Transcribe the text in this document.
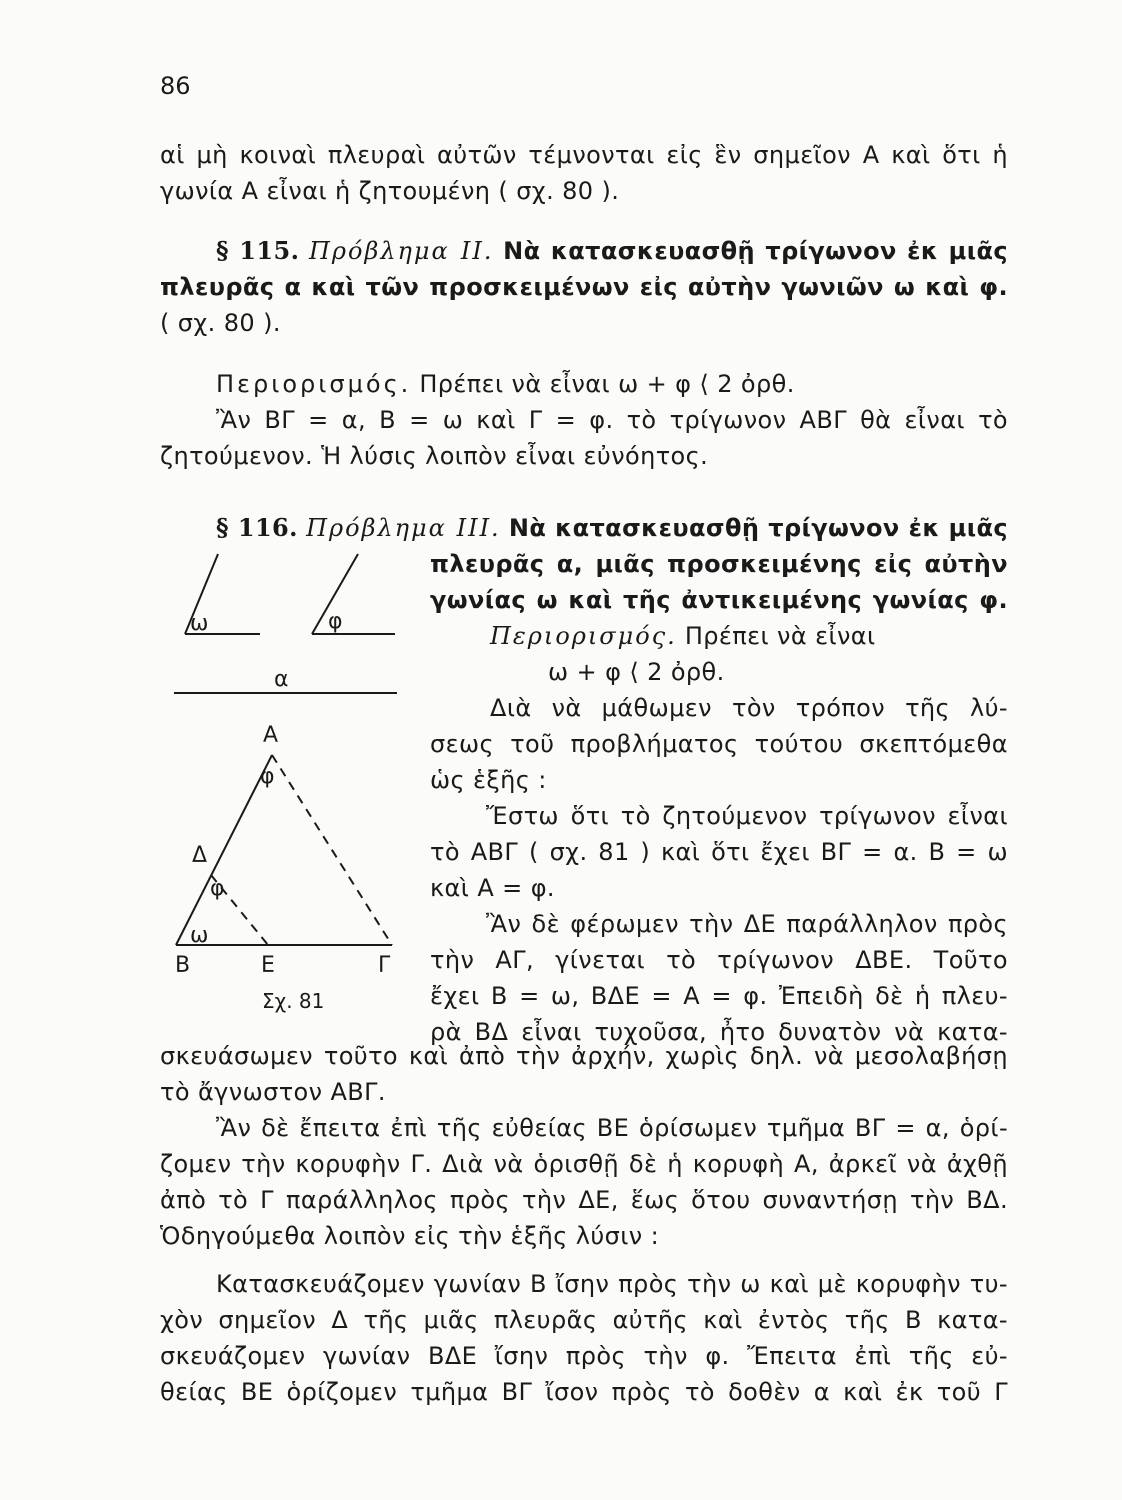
86
αἱ μὴ κοιναὶ πλευραὶ αὐτῶν τέμνονται εἰς ἓν σημεῖον Α καὶ ὅτι ἡ
γωνία Α εἶναι ἡ ζητουμένη ( σχ. 80 ).
§ 115. Πρόβλημα ΙΙ. Νὰ κατασκευασθῇ τρίγωνον ἐκ μιᾶς
πλευρᾶς α καὶ τῶν προσκειμένων εἰς αὐτὴν γωνιῶν ω καὶ φ.
( σχ. 80 ).
Περιορισμός. Πρέπει νὰ εἶναι ω + φ ⟨ 2 ὀρθ.
Ἂν ΒΓ = α, Β = ω καὶ Γ = φ. τὸ τρίγωνον ΑΒΓ θὰ εἶναι τὸ
ζητούμενον. Ἡ λύσις λοιπὸν εἶναι εὐνόητος.
§ 116. Πρόβλημα ΙΙΙ. Νὰ κατασκευασθῇ τρίγωνον ἐκ μιᾶς
πλευρᾶς α, μιᾶς προσκειμένης εἰς αὐτὴν
γωνίας ω καὶ τῆς ἀντικειμένης γωνίας φ.
Περιορισμός. Πρέπει νὰ εἶναι
ω + φ ⟨ 2 ὀρθ.
Διὰ νὰ μάθωμεν τὸν τρόπον τῆς λύ-
σεως τοῦ προβλήματος τούτου σκεπτόμεθα
ὡς ἑξῆς :
Ἔστω ὅτι τὸ ζητούμενον τρίγωνον εἶναι
τὸ ΑΒΓ ( σχ. 81 ) καὶ ὅτι ἔχει ΒΓ = α. Β = ω
καὶ Α = φ.
Ἂν δὲ φέρωμεν τὴν ΔΕ παράλληλον πρὸς
τὴν ΑΓ, γίνεται τὸ τρίγωνον ΔΒΕ. Τοῦτο
ἔχει Β = ω, ΒΔΕ = Α = φ. Ἐπειδὴ δὲ ἡ πλευ-
ρὰ ΒΔ εἶναι τυχοῦσα, ἦτο δυνατὸν νὰ κατα-
σκευάσωμεν τοῦτο καὶ ἀπὸ τὴν ἀρχήν, χωρὶς δηλ. νὰ μεσολαβήσῃ
τὸ ἄγνωστον ΑΒΓ.
Ἂν δὲ ἔπειτα ἐπὶ τῆς εὐθείας ΒΕ ὁρίσωμεν τμῆμα ΒΓ = α, ὁρί-
ζομεν τὴν κορυφὴν Γ. Διὰ νὰ ὁρισθῇ δὲ ἡ κορυφὴ Α, ἀρκεῖ νὰ ἀχθῇ
ἀπὸ τὸ Γ παράλληλος πρὸς τὴν ΔΕ, ἕως ὅτου συναντήσῃ τὴν ΒΔ.
Ὁδηγούμεθα λοιπὸν εἰς τὴν ἑξῆς λύσιν :
Κατασκευάζομεν γωνίαν Β ἴσην πρὸς τὴν ω καὶ μὲ κορυφὴν τυ-
χὸν σημεῖον Δ τῆς μιᾶς πλευρᾶς αὐτῆς καὶ ἐντὸς τῆς Β κατα-
σκευάζομεν γωνίαν ΒΔΕ ἴσην πρὸς τὴν φ. Ἔπειτα ἐπὶ τῆς εὐ-
θείας ΒΕ ὁρίζομεν τμῆμα ΒΓ ἴσον πρὸς τὸ δοθὲν α καὶ ἐκ τοῦ Γ
ω	φ
α
Α
φ
Δ
φ
ω
Β	Ε	Γ
Σχ. 81
